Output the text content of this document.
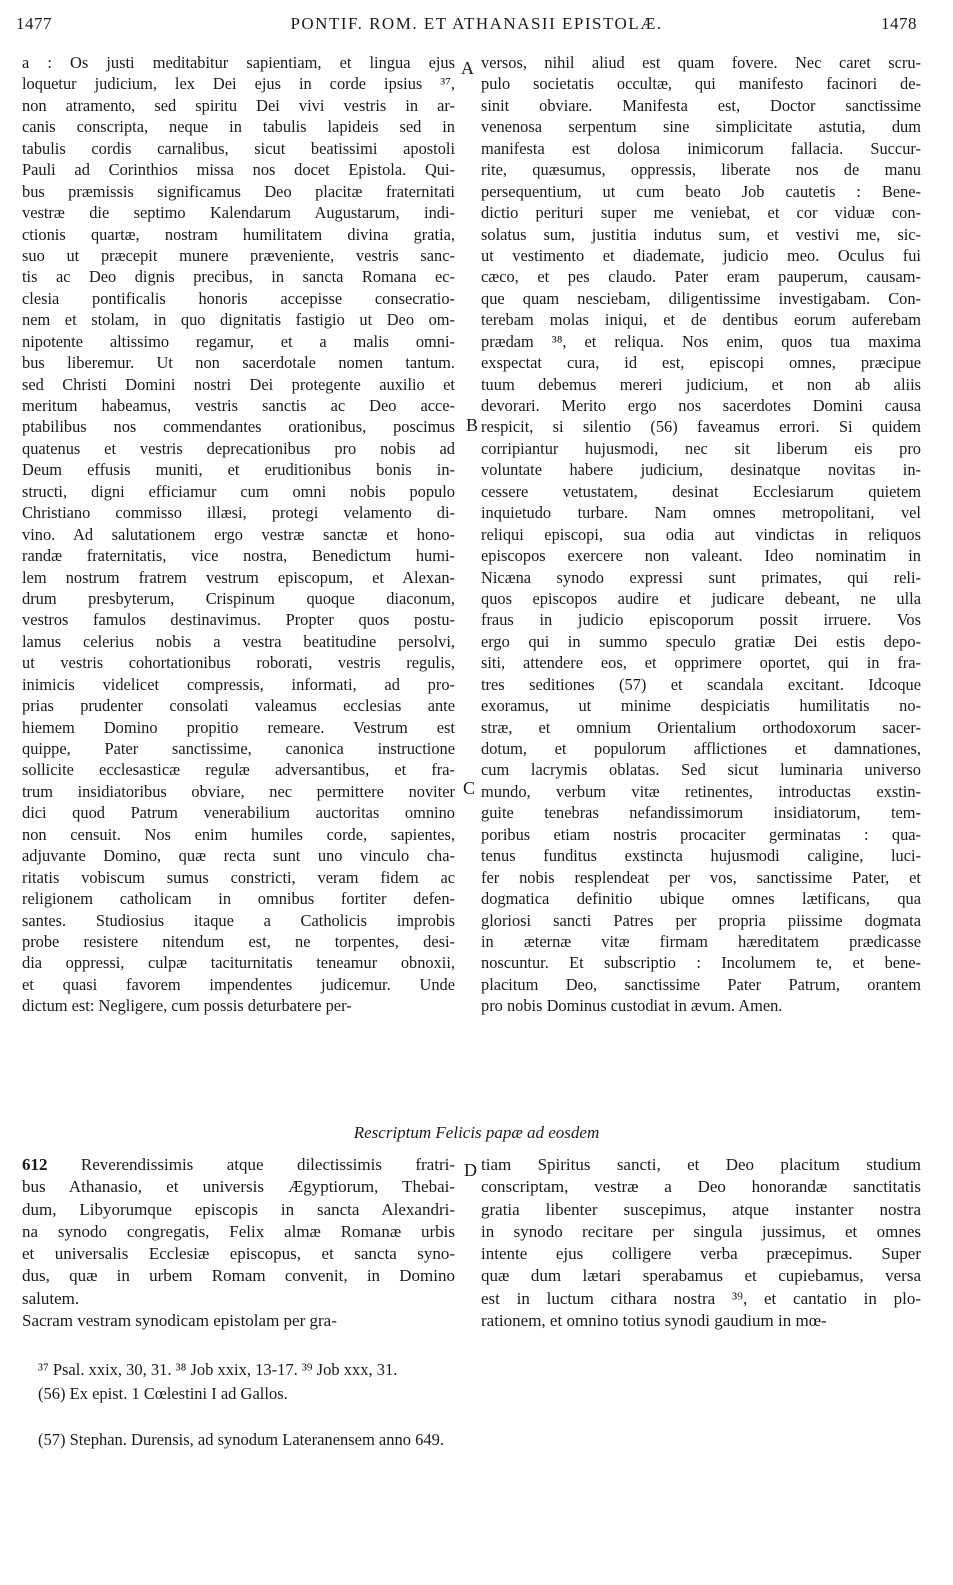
1477	PONTIF. ROM. ET ATHANASII EPISTOLÆ.	1478
A
B
C
D
a : Os justi meditabitur sapientiam, et lingua ejus
loquetur judicium, lex Dei ejus in corde ipsius ³⁷,
non atramento, sed spiritu Dei vivi vestris in ar-
canis conscripta, neque in tabulis lapideis sed in
tabulis cordis carnalibus, sicut beatissimi apostoli
Pauli ad Corinthios missa nos docet Epistola. Qui-
bus præmissis significamus Deo placitæ fraternitati
vestræ die septimo Kalendarum Augustarum, indi-
ctionis quartæ, nostram humilitatem divina gratia,
suo ut præcepit munere præveniente, vestris sanc-
tis ac Deo dignis precibus, in sancta Romana ec-
clesia pontificalis honoris accepisse consecratio-
nem et stolam, in quo dignitatis fastigio ut Deo om-
nipotente altissimo regamur, et a malis omni-
bus liberemur. Ut non sacerdotale nomen tantum.
sed Christi Domini nostri Dei protegente auxilio et
meritum habeamus, vestris sanctis ac Deo acce-
ptabilibus nos commendantes orationibus, poscimus
quatenus et vestris deprecationibus pro nobis ad
Deum effusis muniti, et eruditionibus bonis in-
structi, digni efficiamur cum omni nobis populo
Christiano commisso illæsi, protegi velamento di-
vino. Ad salutationem ergo vestræ sanctæ et hono-
randæ fraternitatis, vice nostra, Benedictum humi-
lem nostrum fratrem vestrum episcopum, et Alexan-
drum presbyterum, Crispinum quoque diaconum,
vestros famulos destinavimus. Propter quos postu-
lamus celerius nobis a vestra beatitudine persolvi,
ut vestris cohortationibus roborati, vestris regulis,
inimicis videlicet compressis, informati, ad pro-
prias prudenter consolati valeamus ecclesias ante
hiemem Domino propitio remeare. Vestrum est
quippe, Pater sanctissime, canonica instructione
sollicite ecclesasticæ regulæ adversantibus, et fra-
trum insidiatoribus obviare, nec permittere noviter
dici quod Patrum venerabilium auctoritas omnino
non censuit. Nos enim humiles corde, sapientes,
adjuvante Domino, quæ recta sunt uno vinculo cha-
ritatis vobiscum sumus constricti, veram fidem ac
religionem catholicam in omnibus fortiter defen-
santes. Studiosius itaque a Catholicis improbis
probe resistere nitendum est, ne torpentes, desi-
dia oppressi, culpæ taciturnitatis teneamur obnoxii,
et quasi favorem impendentes judicemur. Unde
dictum est: Negligere, cum possis deturbatere per-
versos, nihil aliud est quam fovere. Nec caret scru-
pulo societatis occultæ, qui manifesto facinori de-
sinit obviare. Manifesta est, Doctor sanctissime
venenosa serpentum sine simplicitate astutia, dum
manifesta est dolosa inimicorum fallacia. Succur-
rite, quæsumus, oppressis, liberate nos de manu
persequentium, ut cum beato Job cautetis : Bene-
dictio perituri super me veniebat, et cor viduæ con-
solatus sum, justitia indutus sum, et vestivi me, sic-
ut vestimento et diademate, judicio meo. Oculus fui
cæco, et pes claudo. Pater eram pauperum, causam-
que quam nesciebam, diligentissime investigabam. Con-
terebam molas iniqui, et de dentibus eorum auferebam
prædam ³⁸, et reliqua. Nos enim, quos tua maxima
exspectat cura, id est, episcopi omnes, præcipue
tuum debemus mereri judicium, et non ab aliis
devorari. Merito ergo nos sacerdotes Domini causa
respicit, si silentio (56) faveamus errori. Si quidem
corripiantur hujusmodi, nec sit liberum eis pro
voluntate habere judicium, desinatque novitas in-
cessere vetustatem, desinat Ecclesiarum quietem
inquietudo turbare. Nam omnes metropolitani, vel
reliqui episcopi, sua odia aut vindictas in reliquos
episcopos exercere non valeant. Ideo nominatim in
Nicæna synodo expressi sunt primates, qui reli-
quos episcopos audire et judicare debeant, ne ulla
fraus in judicio episcoporum possit irruere. Vos
ergo qui in summo speculo gratiæ Dei estis depo-
siti, attendere eos, et opprimere oportet, qui in fra-
tres seditiones (57) et scandala excitant. Idcoque
exoramus, ut minime despiciatis humilitatis no-
stræ, et omnium Orientalium orthodoxorum sacer-
dotum, et populorum afflictiones et damnationes,
cum lacrymis oblatas. Sed sicut luminaria universo
mundo, verbum vitæ retinentes, introductas exstin-
guite tenebras nefandissimorum insidiatorum, tem-
poribus etiam nostris procaciter germinatas : qua-
tenus funditus exstincta hujusmodi caligine, luci-
fer nobis resplendeat per vos, sanctissime Pater, et
dogmatica definitio ubique omnes lætificans, qua
gloriosi sancti Patres per propria piissime dogmata
in æternæ vitæ firmam hæreditatem prædicasse
noscuntur. Et subscriptio : Incolumem te, et bene-
placitum Deo, sanctissime Pater Patrum, orantem
pro nobis Dominus custodiat in ævum. Amen.
Rescriptum Felicis papæ ad eosdem
612 Reverendissimis atque dilectissimis fratri-
bus Athanasio, et universis Ægyptiorum, Thebai-
dum, Libyorumque episcopis in sancta Alexandri-
na synodo congregatis, Felix almæ Romanæ urbis
et universalis Ecclesiæ episcopus, et sancta syno-
dus, quæ in urbem Romam convenit, in Domino
salutem.
Sacram vestram synodicam epistolam per gra-
tiam Spiritus sancti, et Deo placitum studium
conscriptam, vestræ a Deo honorandæ sanctitatis
gratia libenter suscepimus, atque instanter nostra
in synodo recitare per singula jussimus, et omnes
intente ejus colligere verba præcepimus. Super
quæ dum lætari sperabamus et cupiebamus, versa
est in luctum cithara nostra ³⁹, et cantatio in plo-
rationem, et omnino totius synodi gaudium in mœ-
³⁷ Psal. xxix, 30, 31. ³⁸ Job xxix, 13-17. ³⁹ Job xxx, 31.
(56) Ex epist. 1 Cœlestini I ad Gallos.
(57) Stephan. Durensis, ad synodum Lateranensem anno 649.
